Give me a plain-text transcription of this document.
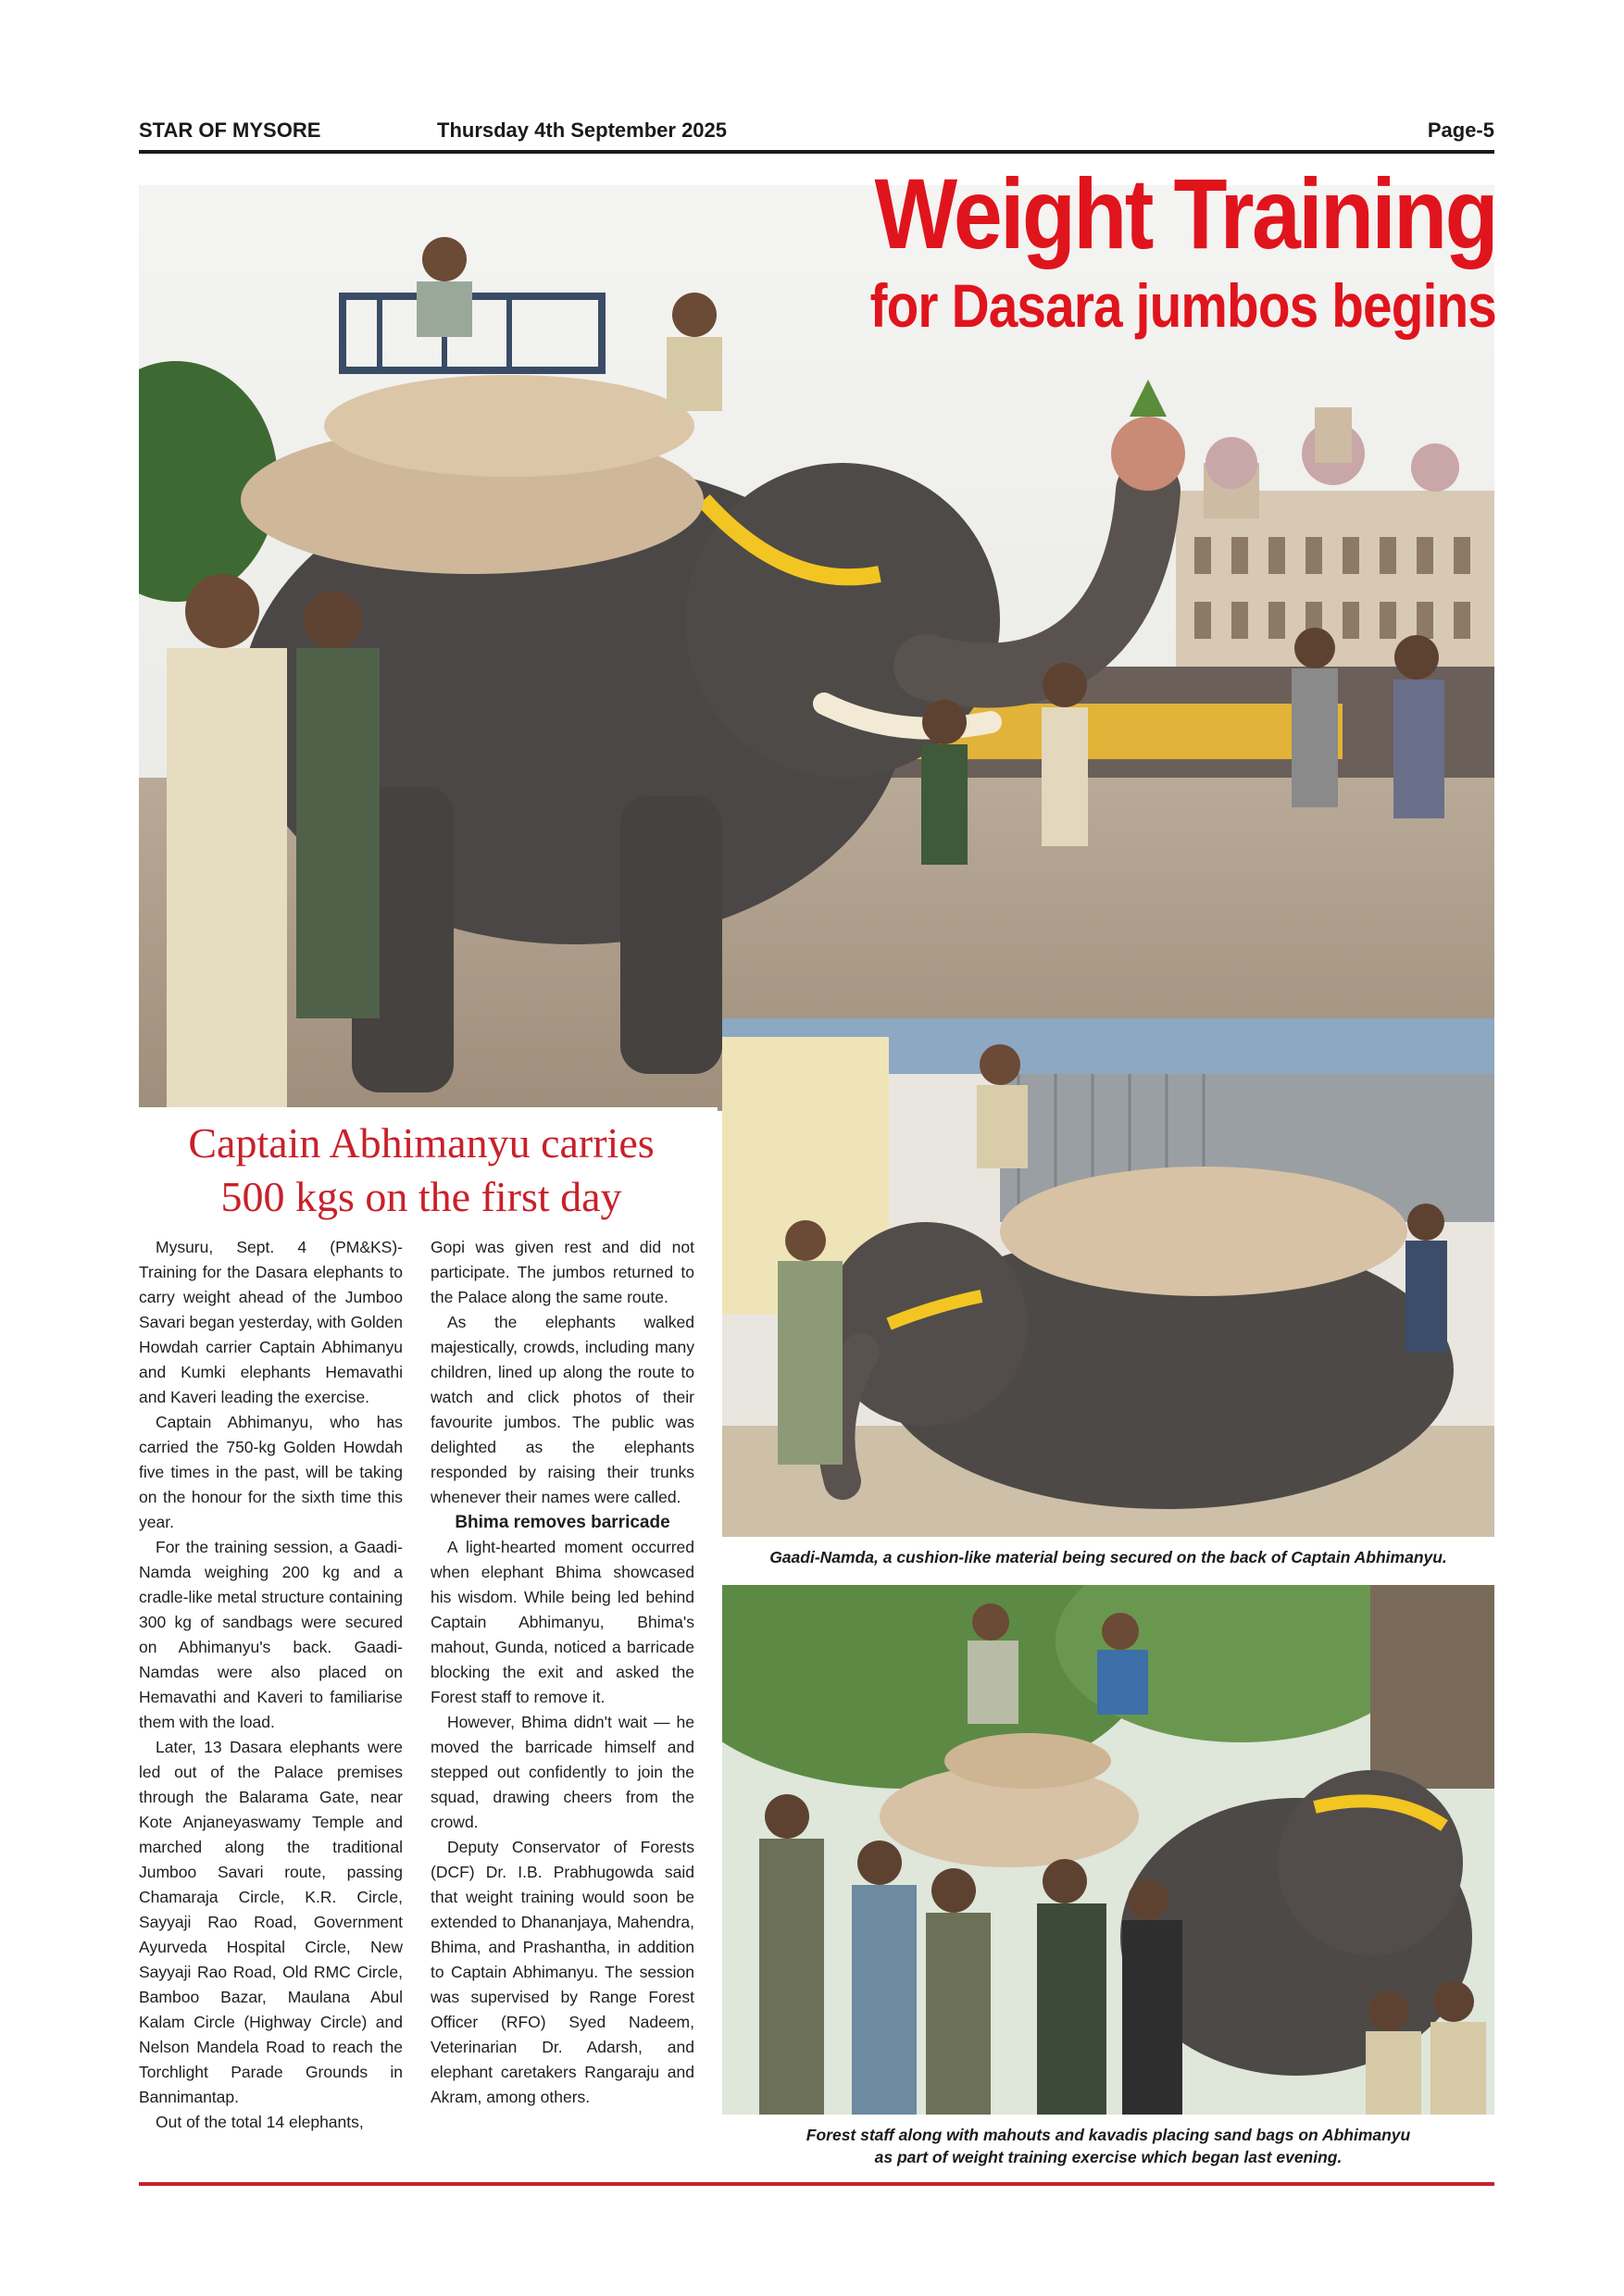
STAR OF MYSORE	Thursday 4th September 2025	Page-5
Weight Training
for Dasara jumbos begins
Captain Abhimanyu carries
500 kgs on the first day

Mysuru, Sept. 4 (PM&KS)- Training for the Dasara elephants to carry weight ahead of the Jumboo Savari began yesterday, with Golden Howdah carrier Captain Abhimanyu and Kumki elephants Hemavathi and Kaveri leading the exercise.

Captain Abhimanyu, who has carried the 750-kg Golden Howdah five times in the past, will be taking on the honour for the sixth time this year.

For the training session, a Gaadi-Namda weighing 200 kg and a cradle-like metal structure containing 300 kg of sandbags were secured on Abhimanyu's back. Gaadi-Namdas were also placed on Hemavathi and Kaveri to familiarise them with the load.

Later, 13 Dasara elephants were led out of the Palace premises through the Balarama Gate, near Kote Anjaneyaswamy Temple and marched along the traditional Jumboo Savari route, passing Chamaraja Circle, K.R. Circle, Sayyaji Rao Road, Government Ayurveda Hospital Circle, New Sayyaji Rao Road, Old RMC Circle, Bamboo Bazar, Maulana Abul Kalam Circle (Highway Circle) and Nelson Mandela Road to reach the Torchlight Parade Grounds in Bannimantap.

Out of the total 14 elephants,

Gopi was given rest and did not participate. The jumbos returned to the Palace along the same route.

As the elephants walked majestically, crowds, including many children, lined up along the route to watch and click photos of their favourite jumbos. The public was delighted as the elephants responded by raising their trunks whenever their names were called.

Bhima removes barricade

A light-hearted moment occurred when elephant Bhima showcased his wisdom. While being led behind Captain Abhimanyu, Bhima's mahout, Gunda, noticed a barricade blocking the exit and asked the Forest staff to remove it.

However, Bhima didn't wait — he moved the barricade himself and stepped out confidently to join the squad, drawing cheers from the crowd.

Deputy Conservator of Forests (DCF) Dr. I.B. Prabhugowda said that weight training would soon be extended to Dhananjaya, Mahendra, Bhima, and Prashantha, in addition to Captain Abhimanyu. The session was supervised by Range Forest Officer (RFO) Syed Nadeem, Veterinarian Dr. Adarsh, and elephant caretakers Rangaraju and Akram, among others.

Gaadi-Namda, a cushion-like material being secured on the back of Captain Abhimanyu.
Forest staff along with mahouts and kavadis placing sand bags on Abhimanyu
as part of weight training exercise which began last evening.
